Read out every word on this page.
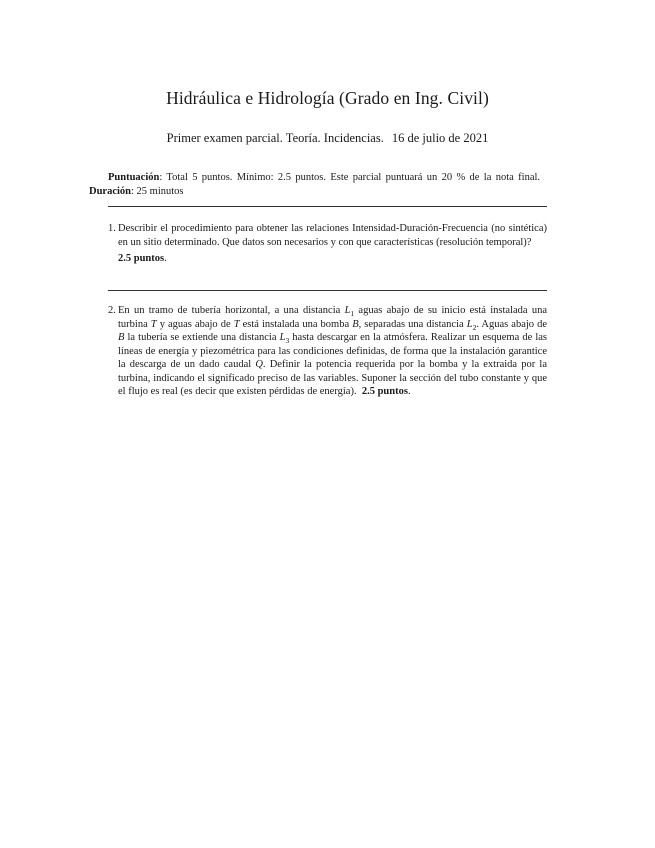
Hidráulica e Hidrología (Grado en Ing. Civil)
Primer examen parcial. Teoría. Incidencias. 16 de julio de 2021
Puntuación: Total 5 puntos. Mínimo: 2.5 puntos. Este parcial puntuará un 20 % de la nota final.   Duración: 25 minutos
1. Describir el procedimiento para obtener las relaciones Intensidad-Duración-Frecuencia (no sintética) en un sitio determinado. Que datos son necesarios y con que características (resolución temporal)?
2.5 puntos.
2. En un tramo de tubería horizontal, a una distancia $L_1$ aguas abajo de su inicio está instalada una turbina T y aguas abajo de T está instalada una bomba B, separadas una distancia $L_2$. Aguas abajo de B la tubería se extiende una distancia $L_3$ hasta descargar en la atmósfera. Realizar un esquema de las líneas de energía y piezométrica para las condiciones definidas, de forma que la instalación garantice la descarga de un dado caudal Q. Definir la potencia requerida por la bomba y la extraida por la turbina, indicando el significado preciso de las variables. Suponer la sección del tubo constante y que el flujo es real (es decir que existen pérdidas de energía). 2.5 puntos.
